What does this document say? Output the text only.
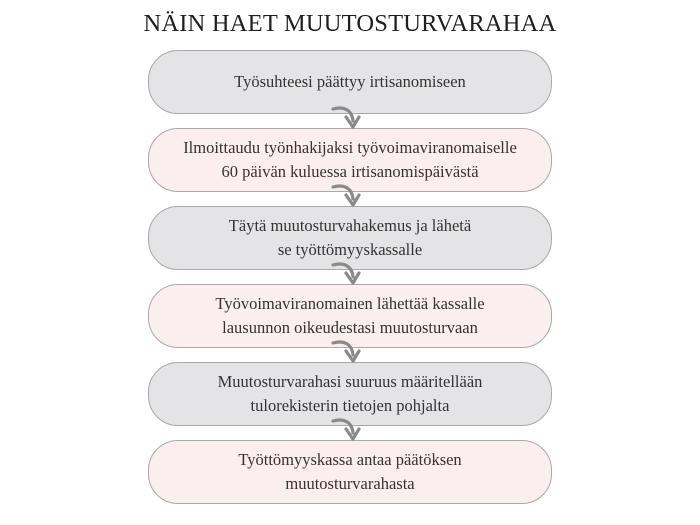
NÄIN HAET MUUTOSTURVARAHAA
Työsuhteesi päättyy irtisanomiseen
Ilmoittaudu työnhakijaksi työvoimaviranomaiselle
60 päivän kuluessa irtisanomispäivästä
Täytä muutosturvahakemus ja lähetä
se työttömyyskassalle
Työvoimaviranomainen lähettää kassalle
lausunnon oikeudestasi muutosturvaan
Muutosturvarahasi suuruus määritellään
tulorekisterin tietojen pohjalta
Työttömyyskassa antaa päätöksen
muutosturvarahasta
